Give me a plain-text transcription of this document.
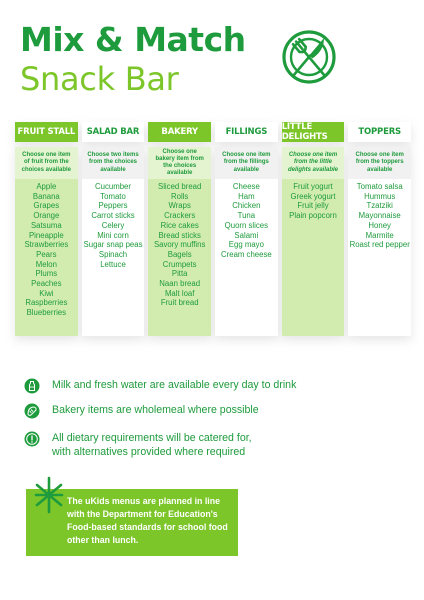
Mix & Match
Snack Bar
FRUIT STALL
Choose one item of fruit from the choices available
Apple
Banana
Grapes
Orange
Satsuma
Pineapple
Strawberries
Pears
Melon
Plums
Peaches
Kiwi
Raspberries
Blueberries
SALAD BAR
Choose two items from the choices available
Cucumber
Tomato
Peppers
Carrot sticks
Celery
Mini corn
Sugar snap peas
Spinach
Lettuce
BAKERY
Choose one bakery item from the choices available
Sliced bread
Rolls
Wraps
Crackers
Rice cakes
Bread sticks
Savory muffins
Bagels
Crumpets
Pitta
Naan bread
Malt loaf
Fruit bread
FILLINGS
Choose one item from the fillings available
Cheese
Ham
Chicken
Tuna
Quorn slices
Salami
Egg mayo
Cream cheese
LITTLE DELIGHTS
Choose one item from the little delights available
Fruit yogurt
Greek yogurt
Fruit jelly
Plain popcorn
TOPPERS
Choose one item from the toppers available
Tomato salsa
Hummus
Tzatziki
Mayonnaise
Honey
Marmite
Roast red pepper
Milk and fresh water are available every day to drink
Bakery items are wholemeal where possible
All dietary requirements will be catered for,
with alternatives provided where required
The uKids menus are planned in line with the Department for Education's Food-based standards for school food other than lunch.
